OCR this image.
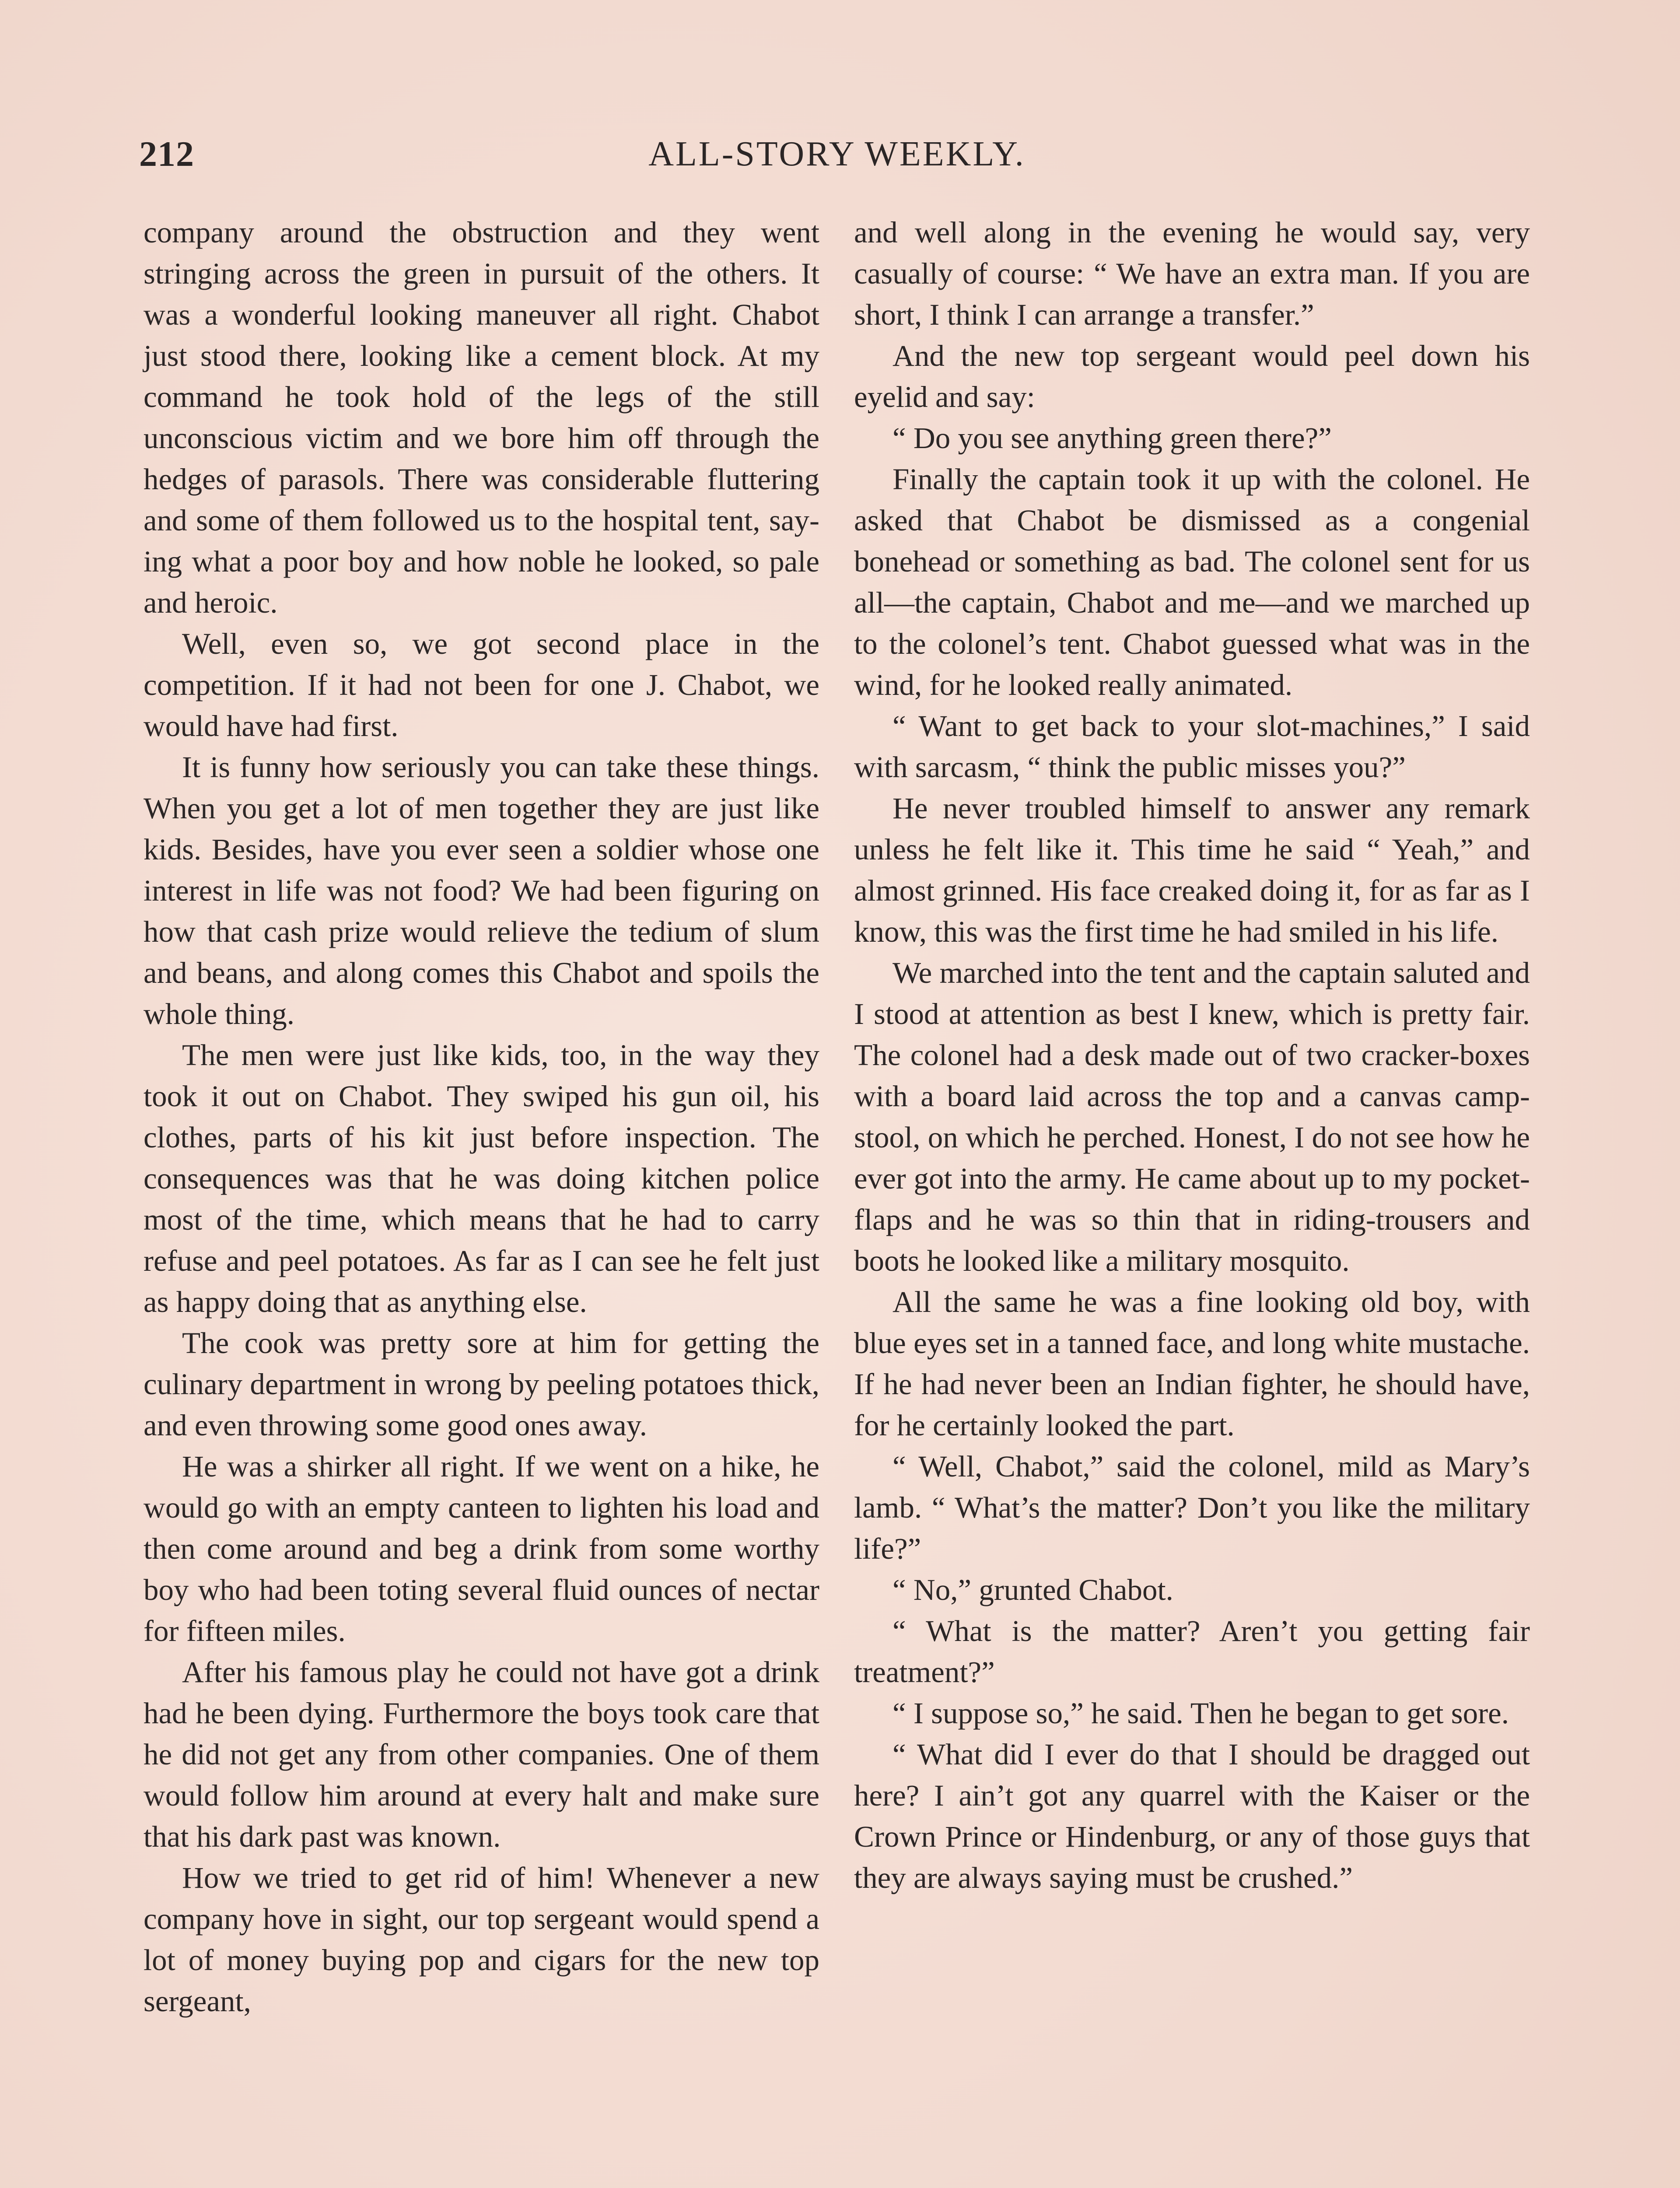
212	ALL-STORY WEEKLY.

company around the obstruction and they went stringing across the green in pursuit of the others. It was a wonderful looking maneuver all right. Chabot just stood there, looking like a cement block. At my command he took hold of the legs of the still unconscious victim and we bore him off through the hedges of parasols. There was considerable fluttering and some of them followed us to the hospital tent, saying what a poor boy and how noble he looked, so pale and heroic.

Well, even so, we got second place in the competition. If it had not been for one J. Chabot, we would have had first.

It is funny how seriously you can take these things. When you get a lot of men together they are just like kids. Besides, have you ever seen a soldier whose one interest in life was not food? We had been figuring on how that cash prize would relieve the tedium of slum and beans, and along comes this Chabot and spoils the whole thing.

The men were just like kids, too, in the way they took it out on Chabot. They swiped his gun oil, his clothes, parts of his kit just before inspection. The consequences was that he was doing kitchen police most of the time, which means that he had to carry refuse and peel potatoes. As far as I can see he felt just as happy doing that as anything else.

The cook was pretty sore at him for getting the culinary department in wrong by peeling potatoes thick, and even throwing some good ones away.

He was a shirker all right. If we went on a hike, he would go with an empty canteen to lighten his load and then come around and beg a drink from some worthy boy who had been toting several fluid ounces of nectar for fifteen miles.

After his famous play he could not have got a drink had he been dying. Furthermore the boys took care that he did not get any from other companies. One of them would follow him around at every halt and make sure that his dark past was known.

How we tried to get rid of him! Whenever a new company hove in sight, our top sergeant would spend a lot of money buying pop and cigars for the new top sergeant,

and well along in the evening he would say, very casually of course: “ We have an extra man. If you are short, I think I can arrange a transfer.”

And the new top sergeant would peel down his eyelid and say:

“ Do you see anything green there?”

Finally the captain took it up with the colonel. He asked that Chabot be dismissed as a congenial bonehead or something as bad. The colonel sent for us all—the captain, Chabot and me—and we marched up to the colonel’s tent. Chabot guessed what was in the wind, for he looked really animated.

“ Want to get back to your slot-machines,” I said with sarcasm, “ think the public misses you?”

He never troubled himself to answer any remark unless he felt like it. This time he said “ Yeah,” and almost grinned. His face creaked doing it, for as far as I know, this was the first time he had smiled in his life.

We marched into the tent and the captain saluted and I stood at attention as best I knew, which is pretty fair. The colonel had a desk made out of two cracker-boxes with a board laid across the top and a canvas camp-stool, on which he perched. Honest, I do not see how he ever got into the army. He came about up to my pocket-flaps and he was so thin that in riding-trousers and boots he looked like a military mosquito.

All the same he was a fine looking old boy, with blue eyes set in a tanned face, and long white mustache. If he had never been an Indian fighter, he should have, for he certainly looked the part.

“ Well, Chabot,” said the colonel, mild as Mary’s lamb. “ What’s the matter? Don’t you like the military life?”

“ No,” grunted Chabot.

“ What is the matter? Aren’t you getting fair treatment?”

“ I suppose so,” he said. Then he began to get sore.

“ What did I ever do that I should be dragged out here? I ain’t got any quarrel with the Kaiser or the Crown Prince or Hindenburg, or any of those guys that they are always saying must be crushed.”
